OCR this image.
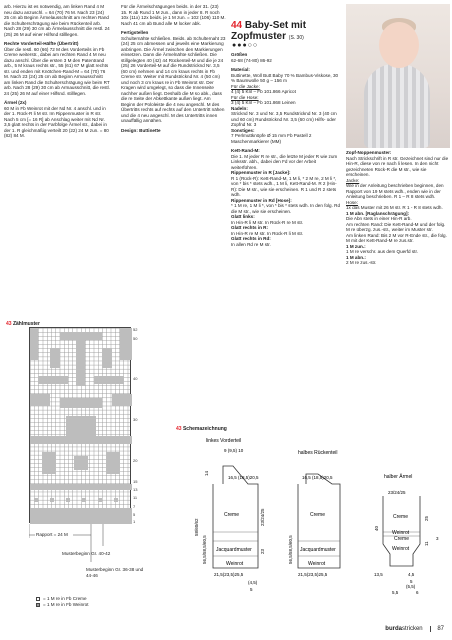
arb. Hierzu ist es notwendig, am linken Rand 4 M neu dazu anzuschl. = 64 (70) 76 M. Nach 23 (24) 25 cm ab Beginn Ärmelausschnitt am rechten Rand die Schulterschrägung wie beim Rückenteil arb. Nach 28 (29) 30 cm ab Ärmelausschnitt die restl. 24 (25) 26 M auf einer Hilfsnd stilllegen.

Rechte Vorderteil-Hälfte (Übertritt)

Über die restl. 60 (66) 72 M des Vorderteils im Fb Creme weiterstr., dabei am rechten Rand 4 M neu dazu anschl. Über die ersten 3 M den Patentrand arb., 5 M kraus rechts str., 55 (61) 67 M glatt rechts str. und enden mit Knötchen-Rand-M = 64 (70) 76 M. Nach 23 (24) 25 cm ab Beginn Armausschnitt am linken Rand die Schulterschrägung wie beim RT arb. Nach 28 (29) 30 cm ab Armausschnitt, die restl. 24 (25) 26 M auf einer Hilfsnd. stilllegen.

Ärmel (2x)

60 M in Fb Weinrot mit der Nd Nr. 4 anschl. und in der 1. Rück-R li M str. Im Rippenmuster in R str. Nach 5 cm [= 16 R] ab Anschlag weiter mit Nd Nr. 3,5 glatt rechts in der Farbfolge Ärmel str., dabei in der 1. R gleichmäßig verteilt 20 (22) 24 M zun. = 80 (82) 84 M.

Für die Ärmelschrägungen beids. in der 31. (23) 15. R ab Rund 1 M zun., dann in jeder 8. R noch 10x (11x) 12x beids. je 1 M zun. = 102 (106) 110 M. Nach 41 cm ab Bund alle M locker abk.

Fertigstellen

Schulternähte schließen. Beids. ab Schulternaht 23 (24) 25 cm abmessen und jeweils eine Markierung anbringen. Die Ärmel zwischen den Markierungen einsetzen. Dann die Ärmelnähte schließen. Die stillgelegten 40 (42) 44 Rückenteil-M und die je 24 (25) 26 Vorderteil-M auf die Rundstricknd Nr. 3,5 (60 cm) nehmen und 14 cm kraus rechts in Fb Creme str. Weiter mit Rundstricknd Nr. 4 (50 cm) und noch 3 cm kraus re in Fb Weinrot str. Der Kragen wird umgelegt, so dass die Innenseite nachher außen liegt. Deshalb die M so abk., dass die re Seite der Abkettkante außen liegt. Am Beginn der Pololeiste die 4 neu angeschl. M des Übertritts rechts auf rechts auf den Untertritt nähen und die 4 neu angeschl. M des Untertritts innen unauffällig annähen.

Design: Buttinette

44 Baby-Set mit Zopfmuster (S. 30)
●●●○○

Größen

62-68 (74-80) 86-92

Material:

Buttinette, Woll Butt Baby 70 % Bambus-Viskose, 30 % Baumwolle 50 g – 156 m

Für die Jacke:

4 (4) 5 Knl – Fb 101.866 Apricot

Für die Hose:

3 (4) 5 Knl – Fb 101.868 Leinen

Nadeln:

Stricknd Nr. 3 und Nr. 3,5 Rundstricknd Nr. 3 (40 cm und 60 cm) Rundstricknd Nr. 3,5 (60 cm) Hilfs- oder Zopfnd Nr. 3

Sonstiges:

7 Perlmuttknöpfe Ø 15 mm Fb Pastell 2 Maschenmarkierer (MM)

Kett-Rand-M:

Die 1. M jeder R re str., die letzte M jeder R wie zum Linksstr. abh., dabei den Fd vor der Arbeit weiterführen.

Rippenmuster in R [Jacke]:

R 1 (Rück-R): Kett-Rand-M, 1 M li, * 2 M re, 2 M li *, von * bis * stets wdh., 1 M li, Kett-Rand-M. R 2 (Hin-R): Die M str., wie sie erscheinen. R 1 und R 2 stets wdh.

Rippenmuster in Rd [Hose]:

* 1 M re, 1 M li *, von * bis * stets wdh. In den folg. Rd die M str., wie sie erscheinen.

Glatt links:

In Hin-R li M str. In Rück-R re M str.

Glatt rechts in R:

In Hin-R re M str. In Rück-R li M str.

Glatt rechts in Rd:

In allen Rd re M str.

Zopf-Noppenmuster:

Nach Strickschrift in R str. Gezeichnet sind nur die Hin-R, diese von re nach li lesen. In den nicht gezeichneten Rück-R die M str., wie sie erscheinen.

Jacke:

Wie in der Anleitung beschrieben beginnen, den Rapport von 19 M stets wdh., enden wie in der Anleitung beschrieben. R 1 – R 8 stets wdh.

Hose:

1x das Muster mit 26 M str. R 1 - R 8 stets wdh.

1 M abn. [Raglanschrägung]:

Die Abn stets in einer Hin-R arb.

Am rechten Rand: Die Kett-Rand-M und der folg. M re überzg. zus.-str., weiter im Muster str.

Am linken Rand: Bis 2 M vor R-Ende str., die folg. M mit der Kett-Rand-M re zus.str.

1 M zun.:

1 M re verschr. aus dem Querfd str.

1 M abn.:

2 M re zus.-str.

43 Zählmuster
52
50
40
30
20
15
13
11
7
5
1
Rapport = 24 M
Musterbeginn Gr. 40-42
Musterbeginn Gr. 36-38 und 44-46
= 1 M re in Fb Creme
= 1 M re in Fb Weinrot
43 Schemazeichnung
linkes Vorderteil
9 (9,5) 10
16,5 (18,5)20,5
Creme
Jacquardmuster
Weinrot
21,5(23,5)25,5
(4,5)
5
58/60/62
56,5/58,5/60,5
23/24/25
23
14
halbes Rückenteil
16,5 (18,5)20,5
Creme
Jacquardmuster
Weinrot
21,5(23,5)25,5
56,5/58,5/60,5
halber Ärmel
23/24/25
Creme
Weinrot
Creme
Weinrot
13,5	4,5
5
(5,5)
6
5,5
40
25
11
3
burdastricken 87
